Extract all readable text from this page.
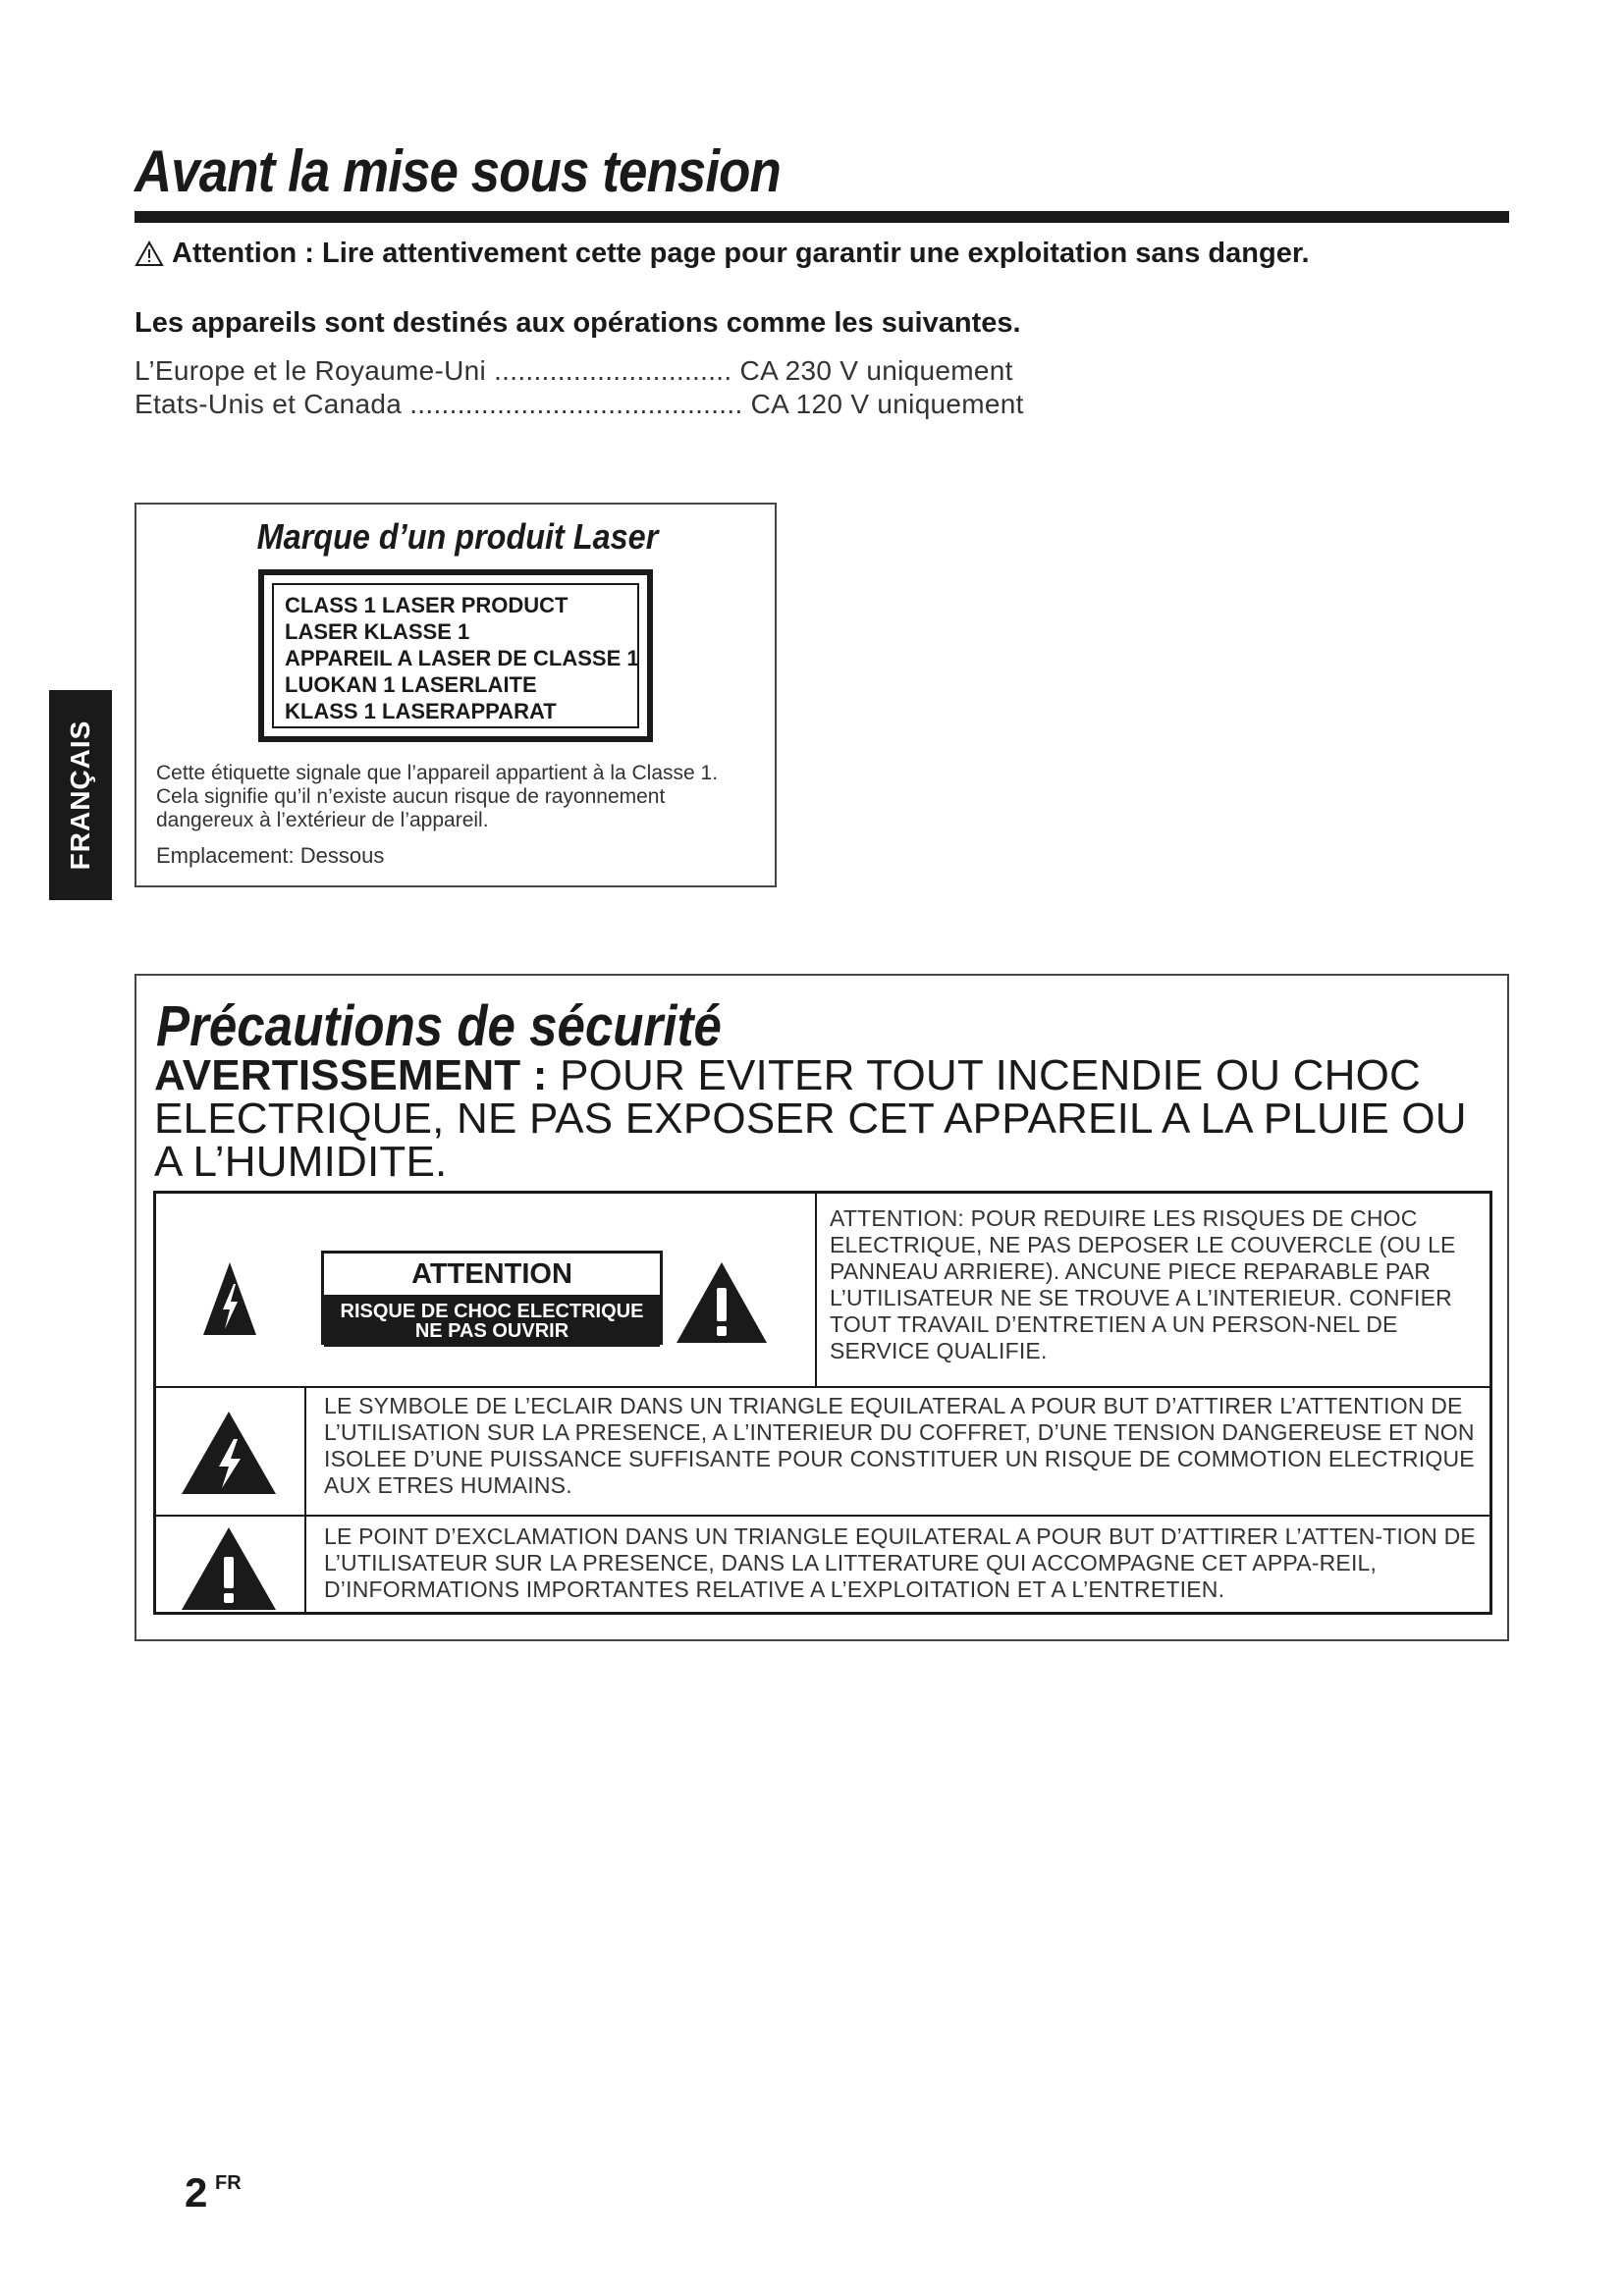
Avant la mise sous tension
Attention : Lire attentivement cette page pour garantir une exploitation sans danger.
Les appareils sont destinés aux opérations comme les suivantes.
L’Europe et le Royaume-Uni .............................. CA 230 V uniquement
Etats-Unis et Canada .......................................... CA 120 V uniquement
Marque d’un produit Laser
CLASS 1 LASER PRODUCT
LASER KLASSE 1
APPAREIL A LASER DE CLASSE 1
LUOKAN 1 LASERLAITE
KLASS 1 LASERAPPARAT
Cette étiquette signale que l’appareil appartient à la Classe 1. Cela signifie qu’il n’existe aucun risque de rayonnement dangereux à l’extérieur de l’appareil.
Emplacement: Dessous
FRANÇAIS
Précautions de sécurité
AVERTISSEMENT : POUR EVITER TOUT INCENDIE OU CHOC ELECTRIQUE, NE PAS EXPOSER CET APPAREIL A LA PLUIE OU A L’HUMIDITE.
ATTENTION
RISQUE DE CHOC ELECTRIQUE
NE PAS OUVRIR
ATTENTION: POUR REDUIRE LES RISQUES DE CHOC ELECTRIQUE, NE PAS DEPOSER LE COUVERCLE (OU LE PANNEAU ARRIERE). ANCUNE PIECE REPARABLE PAR L’UTILISATEUR NE SE TROUVE A L’INTERIEUR. CONFIER TOUT TRAVAIL D’ENTRETIEN A UN PERSON-NEL DE SERVICE QUALIFIE.
LE SYMBOLE DE L’ECLAIR DANS UN TRIANGLE EQUILATERAL A POUR BUT D’ATTIRER L’ATTENTION DE L’UTILISATION SUR LA PRESENCE, A L’INTERIEUR DU COFFRET, D’UNE TENSION DANGEREUSE ET NON ISOLEE D’UNE PUISSANCE SUFFISANTE POUR CONSTITUER UN RISQUE DE COMMOTION ELECTRIQUE AUX ETRES HUMAINS.
LE POINT D’EXCLAMATION DANS UN TRIANGLE EQUILATERAL A POUR BUT D’ATTIRER L’ATTEN-TION DE L’UTILISATEUR SUR LA PRESENCE, DANS LA LITTERATURE QUI ACCOMPAGNE CET APPA-REIL, D’INFORMATIONS IMPORTANTES RELATIVE A L’EXPLOITATION ET A L’ENTRETIEN.
2 FR
